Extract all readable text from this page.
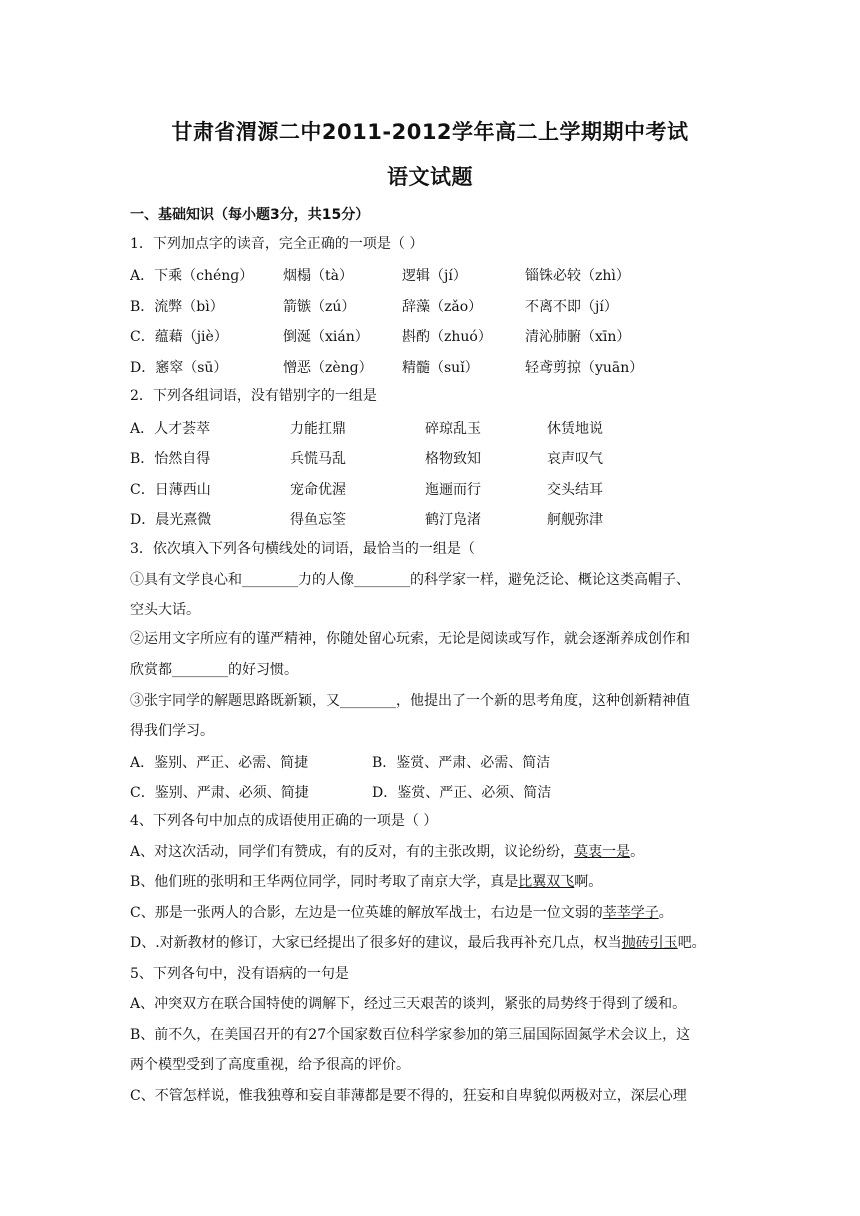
甘肃省渭源二中2011-2012学年高二上学期期中考试
语文试题
一、基础知识（每小题3分，共15分）
1．下列加点字的读音，完全正确的一项是（ ）
A．下乘（chénɡ） 烟榻（tà）	逻辑（jí）	锱铢必较（zhì）
B．流弊（bì）	箭镞（zú）	辞藻（zǎo）	不离不即（jí）
C．蕴藉（jiè）	倒涎（xián） 斟酌（zhuó） 清沁肺腑（xīn）
D．窸窣（sū）	憎恶（zènɡ） 精髓（suǐ）	轻鸢剪掠（yuān）
2．下列各组词语，没有错别字的一组是
A．人才荟萃	力能扛鼎	碎琼乱玉	休赁地说
B．怡然自得	兵慌马乱	格物致知	哀声叹气
C．日薄西山	宠命优渥	迤逦而行	交头结耳
D．晨光熹微	得鱼忘筌	鹤汀凫渚	舸舰弥津
3．依次填入下列各句横线处的词语，最恰当的一组是（
①具有文学良心和________力的人像________的科学家一样，避免泛论、概论这类高帽子、
空头大话。
②运用文字所应有的谨严精神，你随处留心玩索，无论是阅读或写作，就会逐渐养成创作和
欣赏都________的好习惯。
③张宇同学的解题思路既新颖，又________，他提出了一个新的思考角度，这种创新精神值
得我们学习。
A．鉴别、严正、必需、简捷	B．鉴赏、严肃、必需、简洁
C．鉴别、严肃、必须、简捷	D．鉴赏、严正、必须、简洁
4、下列各句中加点的成语使用正确的一项是（ ）
A、对这次活动，同学们有赞成，有的反对，有的主张改期，议论纷纷，莫衷一是。
B、他们班的张明和王华两位同学，同时考取了南京大学，真是比翼双飞啊。
C、那是一张两人的合影，左边是一位英雄的解放军战士，右边是一位文弱的莘莘学子。
D、.对新教材的修订，大家已经提出了很多好的建议，最后我再补充几点，权当抛砖引玉吧。
5、下列各句中，没有语病的一句是
A、冲突双方在联合国特使的调解下，经过三天艰苦的谈判，紧张的局势终于得到了缓和。
B、前不久，在美国召开的有27个国家数百位科学家参加的第三届国际固氮学术会议上，这
两个模型受到了高度重视，给予很高的评价。
C、不管怎样说，惟我独尊和妄自菲薄都是要不得的，狂妄和自卑貌似两极对立，深层心理
